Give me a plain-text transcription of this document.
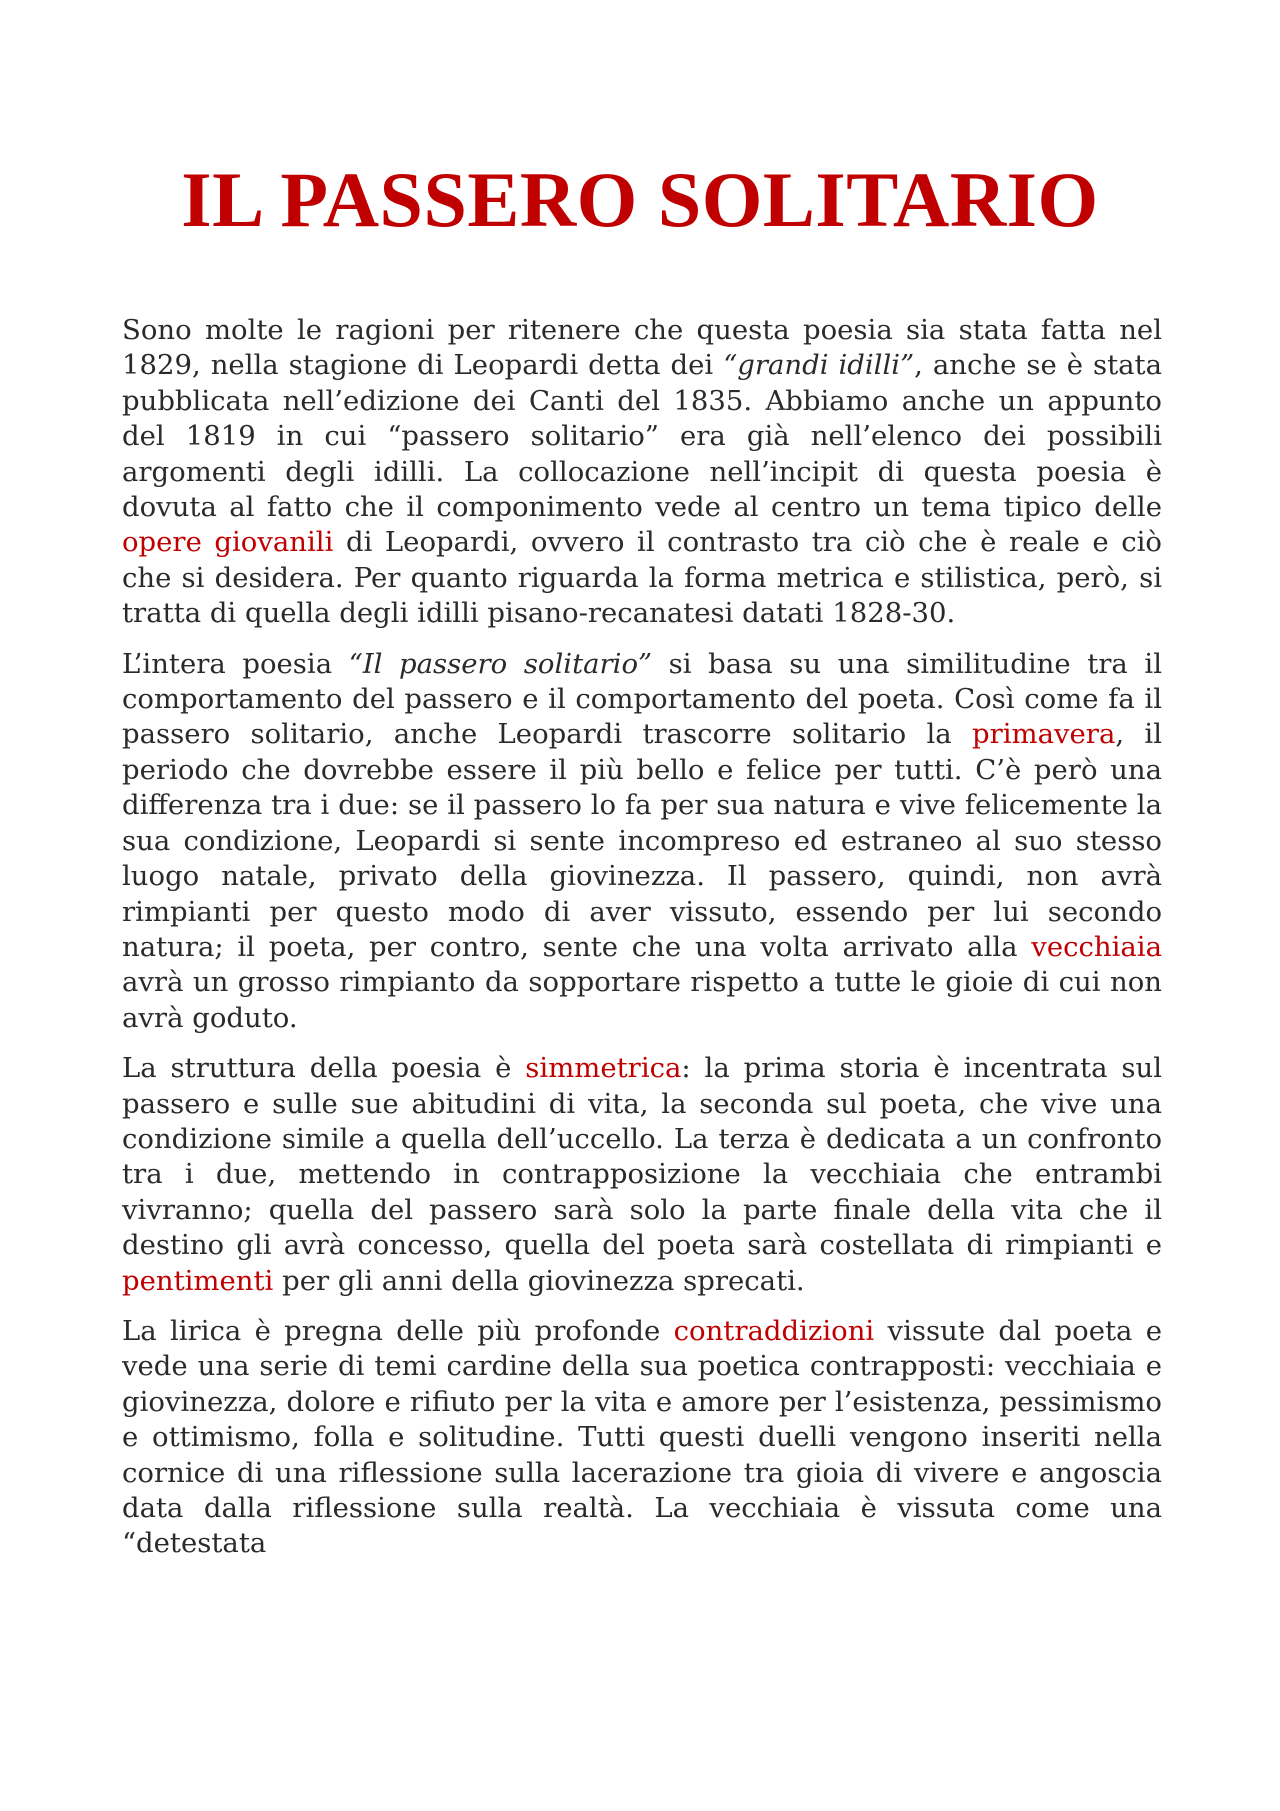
IL PASSERO SOLITARIO

Sono molte le ragioni per ritenere che questa poesia sia stata fatta nel 1829, nella stagione di Leopardi detta dei “grandi idilli”, anche se è stata pubblicata nell’edizione dei Canti del 1835. Abbiamo anche un appunto del 1819 in cui “passero solitario” era già nell’elenco dei possibili argomenti degli idilli. La collocazione nell’incipit di questa poesia è dovuta al fatto che il componimento vede al centro un tema tipico delle opere giovanili di Leopardi, ovvero il contrasto tra ciò che è reale e ciò che si desidera. Per quanto riguarda la forma metrica e stilistica, però, si tratta di quella degli idilli pisano-recanatesi datati 1828-30.

L’intera poesia “Il passero solitario” si basa su una similitudine tra il comportamento del passero e il comportamento del poeta. Così come fa il passero solitario, anche Leopardi trascorre solitario la primavera, il periodo che dovrebbe essere il più bello e felice per tutti. C’è però una differenza tra i due: se il passero lo fa per sua natura e vive felicemente la sua condizione, Leopardi si sente incompreso ed estraneo al suo stesso luogo natale, privato della giovinezza. Il passero, quindi, non avrà rimpianti per questo modo di aver vissuto, essendo per lui secondo natura; il poeta, per contro, sente che una volta arrivato alla vecchiaia avrà un grosso rimpianto da sopportare rispetto a tutte le gioie di cui non avrà goduto.

La struttura della poesia è simmetrica: la prima storia è incentrata sul passero e sulle sue abitudini di vita, la seconda sul poeta, che vive una condizione simile a quella dell’uccello. La terza è dedicata a un confronto tra i due, mettendo in contrapposizione la vecchiaia che entrambi vivranno; quella del passero sarà solo la parte finale della vita che il destino gli avrà concesso, quella del poeta sarà costellata di rimpianti e pentimenti per gli anni della giovinezza sprecati.

La lirica è pregna delle più profonde contraddizioni vissute dal poeta e vede una serie di temi cardine della sua poetica contrapposti: vecchiaia e giovinezza, dolore e rifiuto per la vita e amore per l’esistenza, pessimismo e ottimismo, folla e solitudine. Tutti questi duelli vengono inseriti nella cornice di una riflessione sulla lacerazione tra gioia di vivere e angoscia data dalla riflessione sulla realtà. La vecchiaia è vissuta come una “detestata
